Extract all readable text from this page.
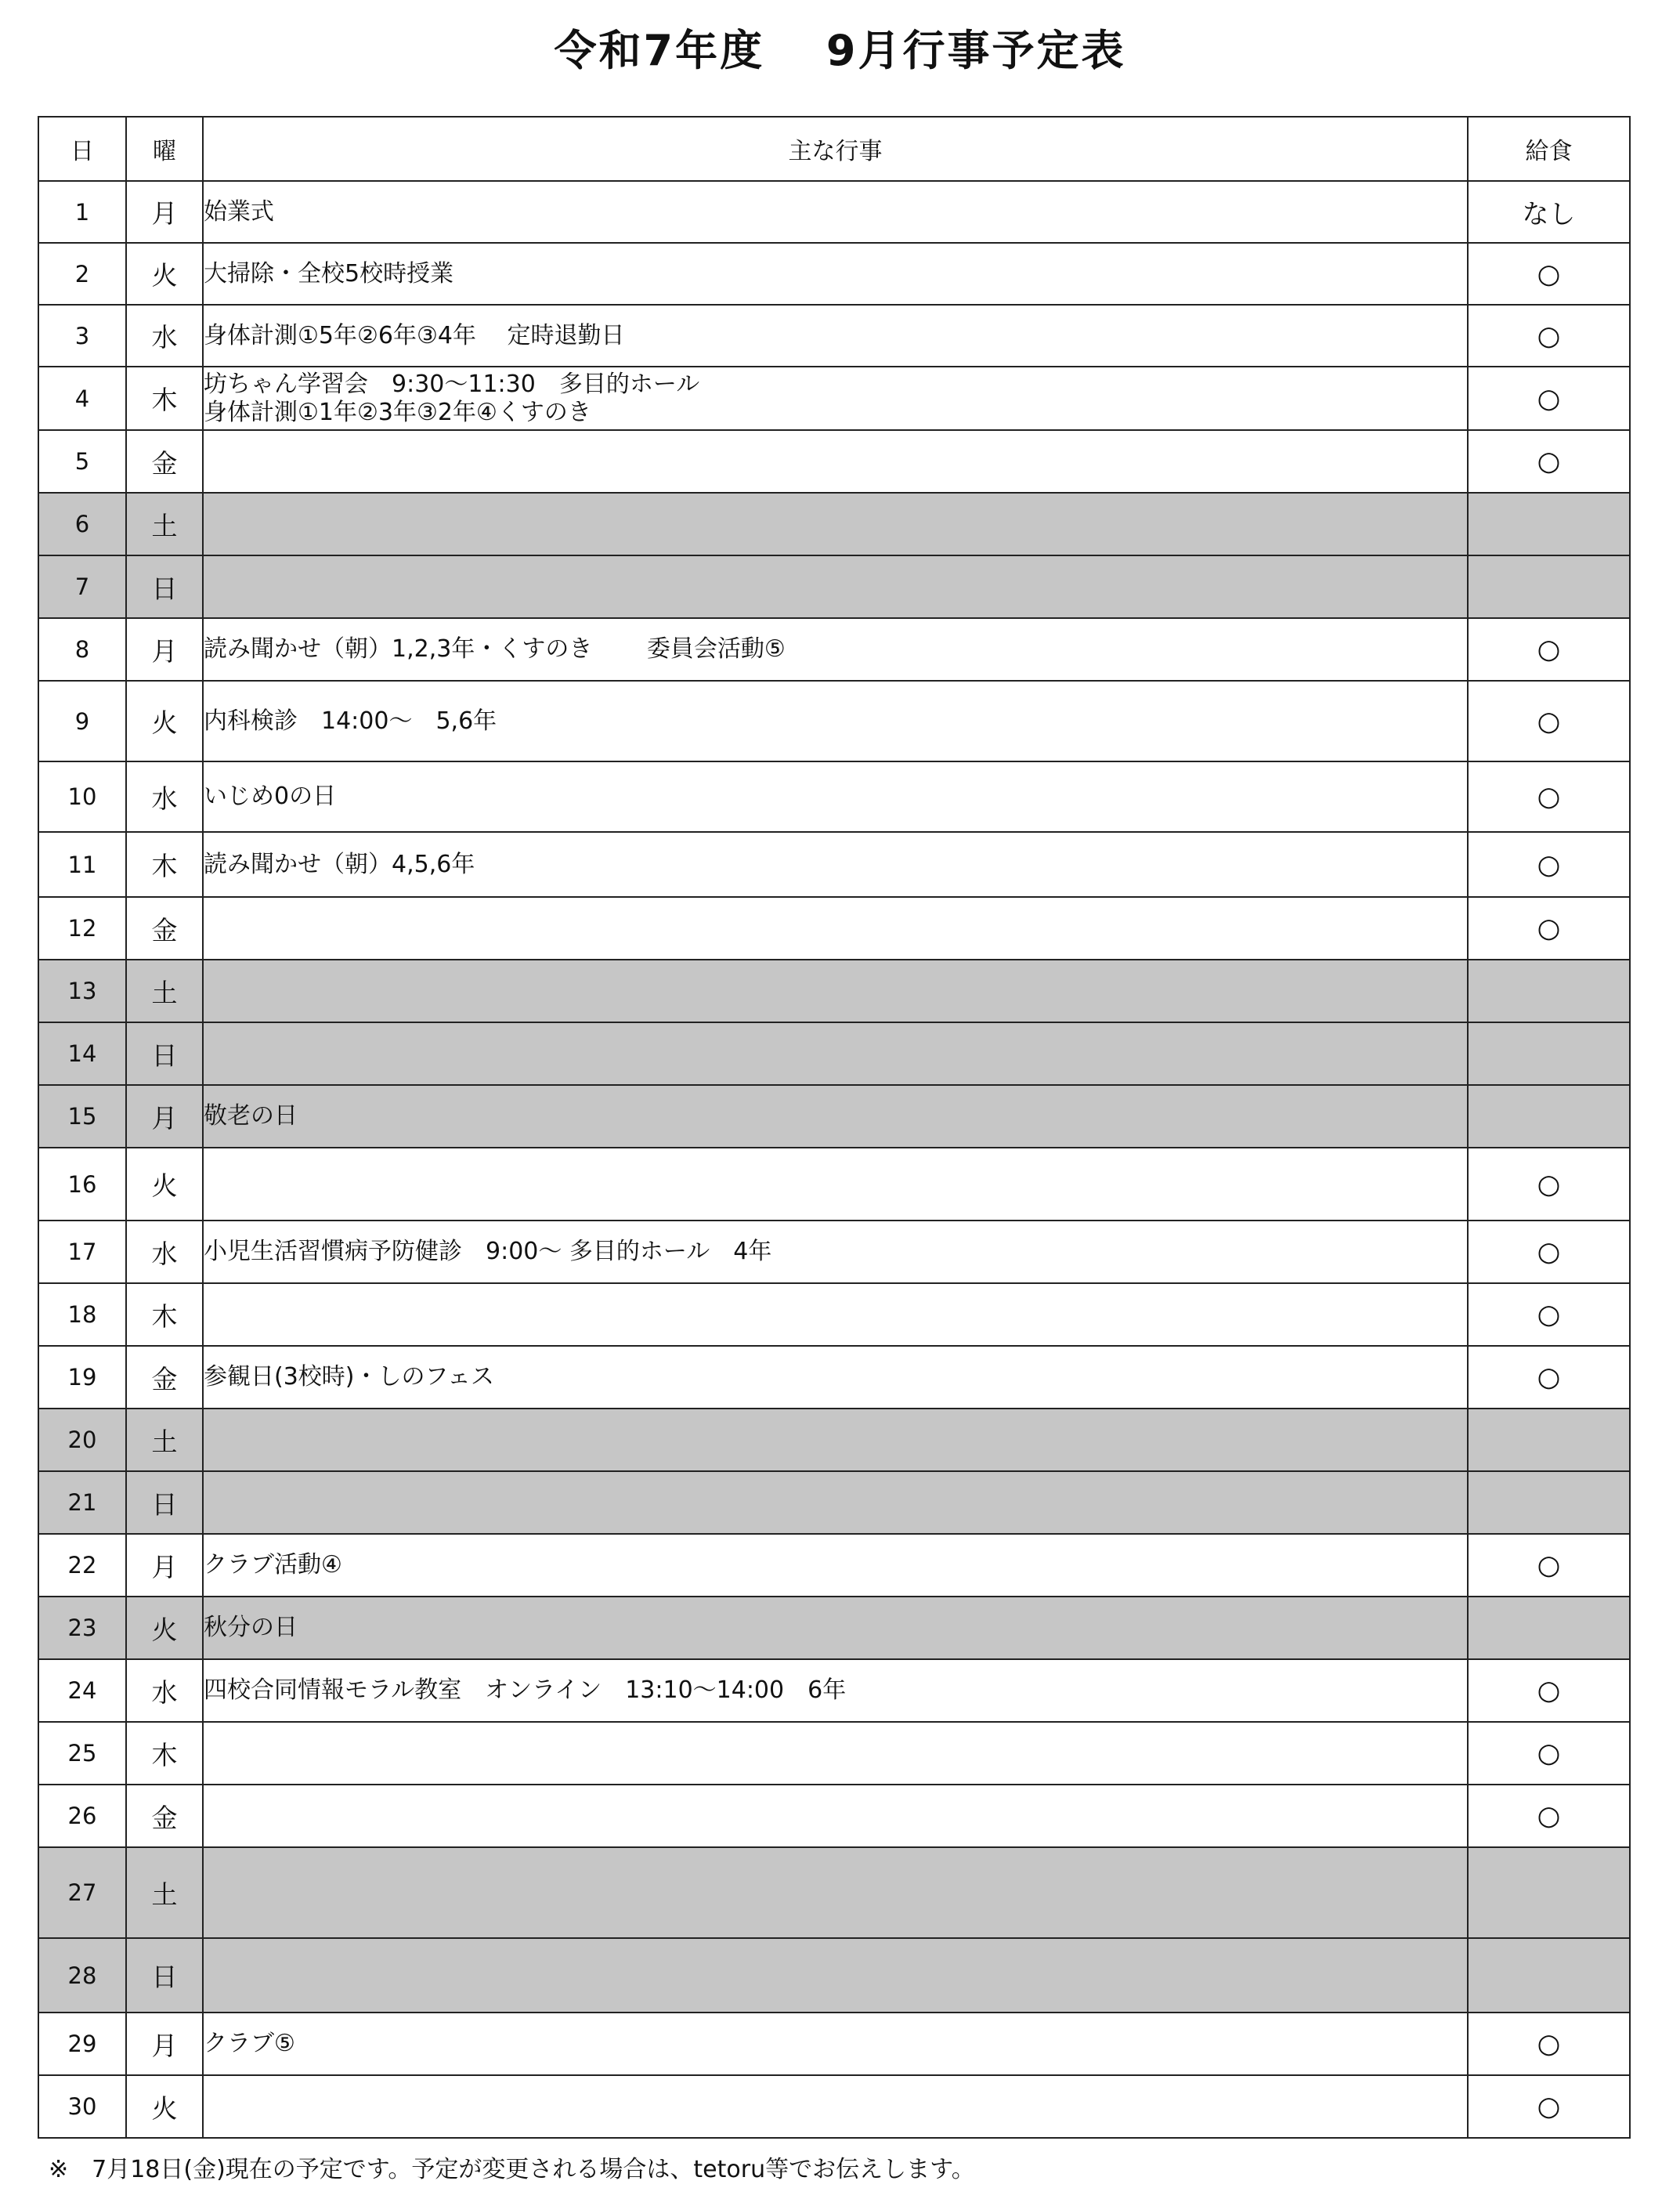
令和7年度　 9月行事予定表
日	曜	主な行事	給食
1	月	始業式	なし
2	火	大掃除・全校5校時授業	○
3	水	身体計測①5年②6年③4年　 定時退勤日	○
4	木	坊ちゃん学習会　9:30～11:30　多目的ホール
身体計測①1年②3年③2年④くすのき	○
5	金		○
6	土		
7	日		
8	月	読み聞かせ（朝）1,2,3年・くすのき　　 委員会活動⑤	○
9	火	内科検診　14:00～　5,6年	○
10	水	いじめ0の日	○
11	木	読み聞かせ（朝）4,5,6年	○
12	金		○
13	土		
14	日		
15	月	敬老の日	
16	火		○
17	水	小児生活習慣病予防健診　9:00～ 多目的ホール　4年	○
18	木		○
19	金	参観日(3校時)・しのフェス	○
20	土		
21	日		
22	月	クラブ活動④	○
23	火	秋分の日	
24	水	四校合同情報モラル教室　オンライン　13:10～14:00　6年	○
25	木		○
26	金		○
27	土		
28	日		
29	月	クラブ⑤	○
30	火		○
※　7月18日(金)現在の予定です。予定が変更される場合は、tetoru等でお伝えします。
